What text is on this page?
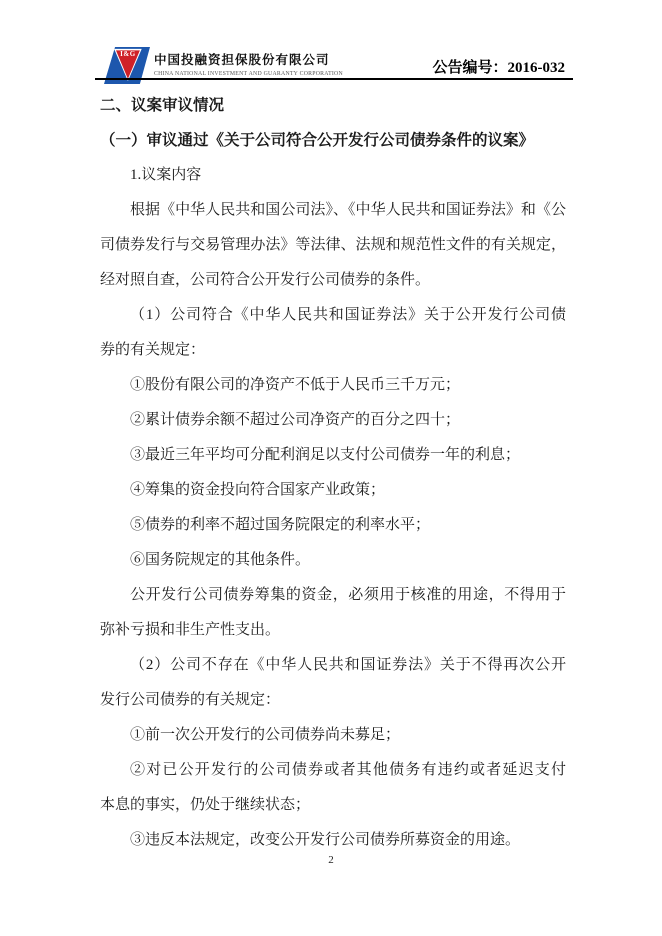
I&G	中国投融资担保股份有限公司
CHINA NATIONAL INVESTMENT AND GUARANTY CORPORATION	公告编号：2016-032
二、议案审议情况
（一）审议通过《关于公司符合公开发行公司债券条件的议案》
1.议案内容
根据《中华人民共和国公司法》、《中华人民共和国证券法》和《公
司债券发行与交易管理办法》等法律、法规和规范性文件的有关规定，
经对照自查，公司符合公开发行公司债券的条件。
（1）公司符合《中华人民共和国证券法》关于公开发行公司债
券的有关规定：
①股份有限公司的净资产不低于人民币三千万元；
②累计债券余额不超过公司净资产的百分之四十；
③最近三年平均可分配利润足以支付公司债券一年的利息；
④筹集的资金投向符合国家产业政策；
⑤债券的利率不超过国务院限定的利率水平；
⑥国务院规定的其他条件。
公开发行公司债券筹集的资金，必须用于核准的用途，不得用于
弥补亏损和非生产性支出。
（2）公司不存在《中华人民共和国证券法》关于不得再次公开
发行公司债券的有关规定：
①前一次公开发行的公司债券尚未募足；
②对已公开发行的公司债券或者其他债务有违约或者延迟支付
本息的事实，仍处于继续状态；
③违反本法规定，改变公开发行公司债券所募资金的用途。
2
